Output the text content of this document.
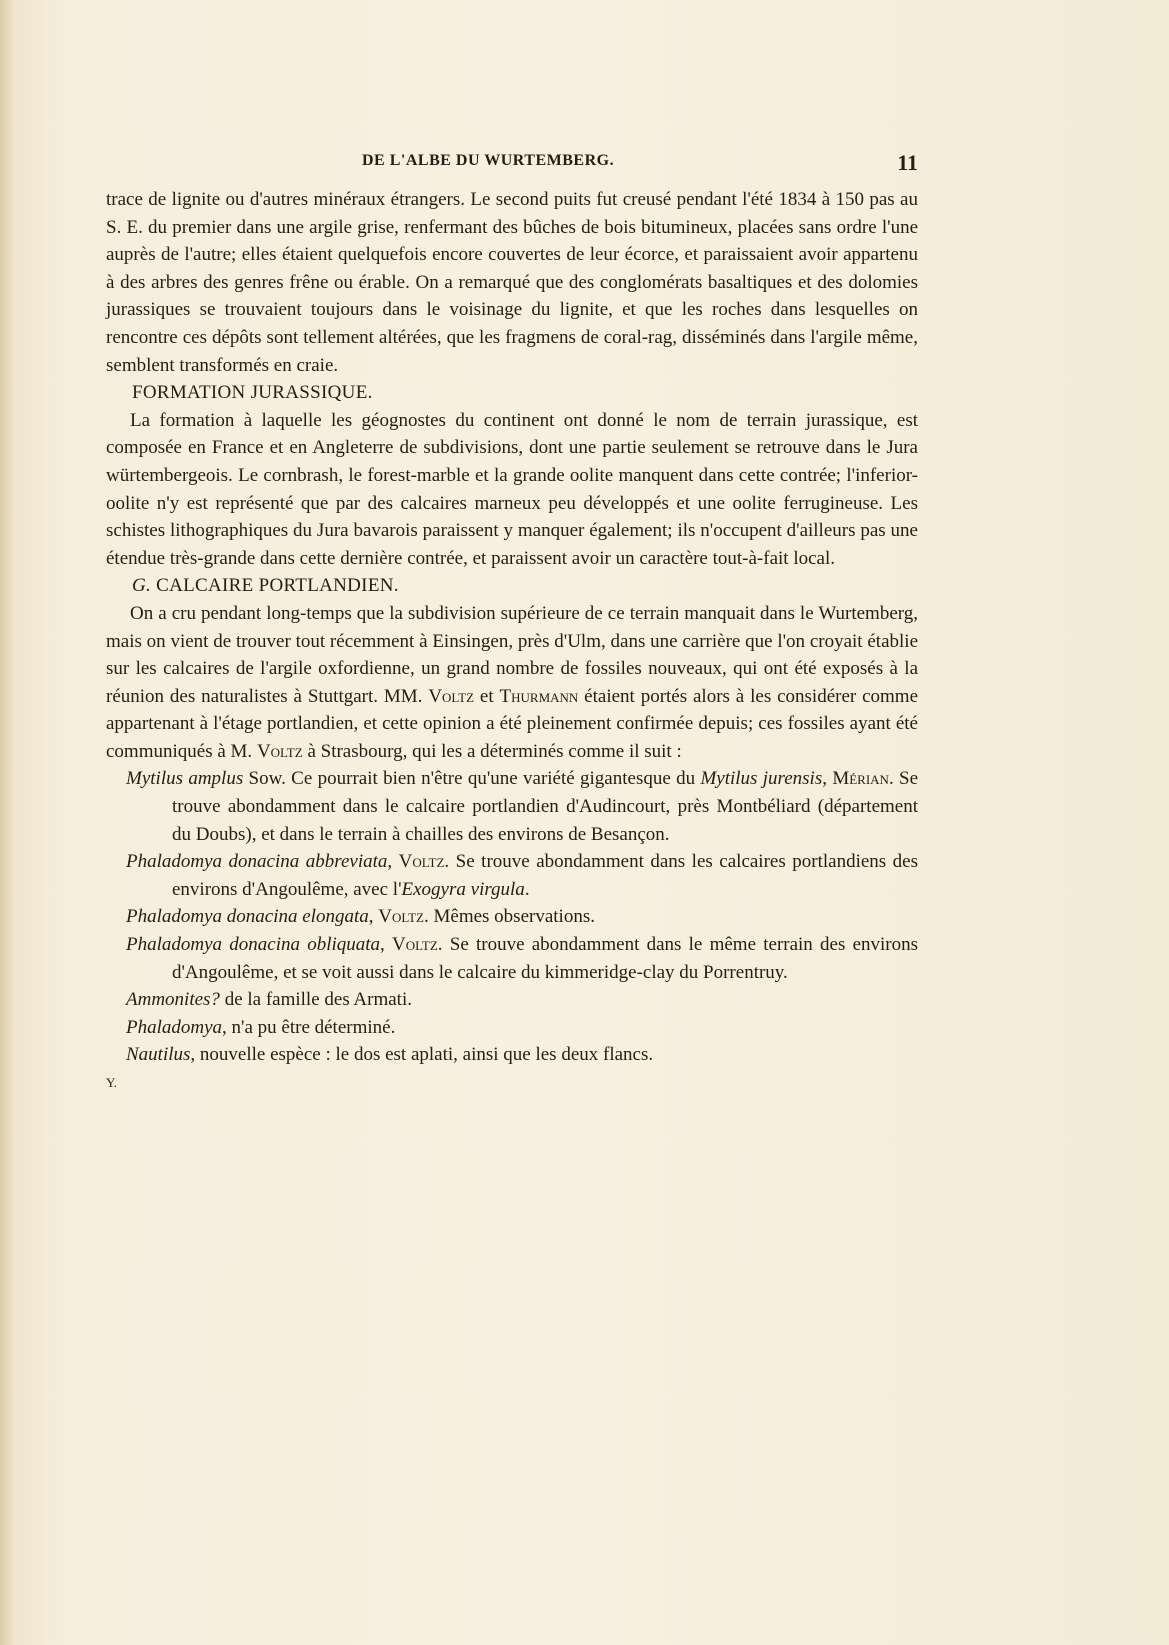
DE L'ALBE DU WURTEMBERG.	11

trace de lignite ou d'autres minéraux étrangers. Le second puits fut creusé pendant l'été 1834 à 150 pas au S. E. du premier dans une argile grise, renfermant des bûches de bois bitumineux, placées sans ordre l'une auprès de l'autre; elles étaient quelquefois encore couvertes de leur écorce, et paraissaient avoir appartenu à des arbres des genres frêne ou érable. On a remarqué que des conglomérats basaltiques et des dolomies jurassiques se trouvaient toujours dans le voisinage du lignite, et que les roches dans lesquelles on rencontre ces dépôts sont tellement altérées, que les fragmens de coral-rag, disséminés dans l'argile même, semblent transformés en craie.

FORMATION JURASSIQUE.

La formation à laquelle les géognostes du continent ont donné le nom de terrain jurassique, est composée en France et en Angleterre de subdivisions, dont une partie seulement se retrouve dans le Jura würtembergeois. Le cornbrash, le forest-marble et la grande oolite manquent dans cette contrée; l'inferior-oolite n'y est représenté que par des calcaires marneux peu développés et une oolite ferrugineuse. Les schistes lithographiques du Jura bavarois paraissent y manquer également; ils n'occupent d'ailleurs pas une étendue très-grande dans cette dernière contrée, et paraissent avoir un caractère tout-à-fait local.

G. CALCAIRE PORTLANDIEN.

On a cru pendant long-temps que la subdivision supérieure de ce terrain manquait dans le Wurtemberg, mais on vient de trouver tout récemment à Einsingen, près d'Ulm, dans une carrière que l'on croyait établie sur les calcaires de l'argile oxfordienne, un grand nombre de fossiles nouveaux, qui ont été exposés à la réunion des naturalistes à Stuttgart. MM. Voltz et Thurmann étaient portés alors à les considérer comme appartenant à l'étage portlandien, et cette opinion a été pleinement confirmée depuis; ces fossiles ayant été communiqués à M. Voltz à Strasbourg, qui les a déterminés comme il suit :

Mytilus amplus Sow. Ce pourrait bien n'être qu'une variété gigantesque du Mytilus jurensis, Mérian. Se trouve abondamment dans le calcaire portlandien d'Audincourt, près Montbéliard (département du Doubs), et dans le terrain à chailles des environs de Besançon.

Phaladomya donacina abbreviata, Voltz. Se trouve abondamment dans les calcaires portlandiens des environs d'Angoulême, avec l'Exogyra virgula.

Phaladomya donacina elongata, Voltz. Mêmes observations.

Phaladomya donacina obliquata, Voltz. Se trouve abondamment dans le même terrain des environs d'Angoulême, et se voit aussi dans le calcaire du kimmeridge-clay du Porrentruy.

Ammonites? de la famille des Armati.

Phaladomya, n'a pu être déterminé.

Nautilus, nouvelle espèce : le dos est aplati, ainsi que les deux flancs.

Y.
